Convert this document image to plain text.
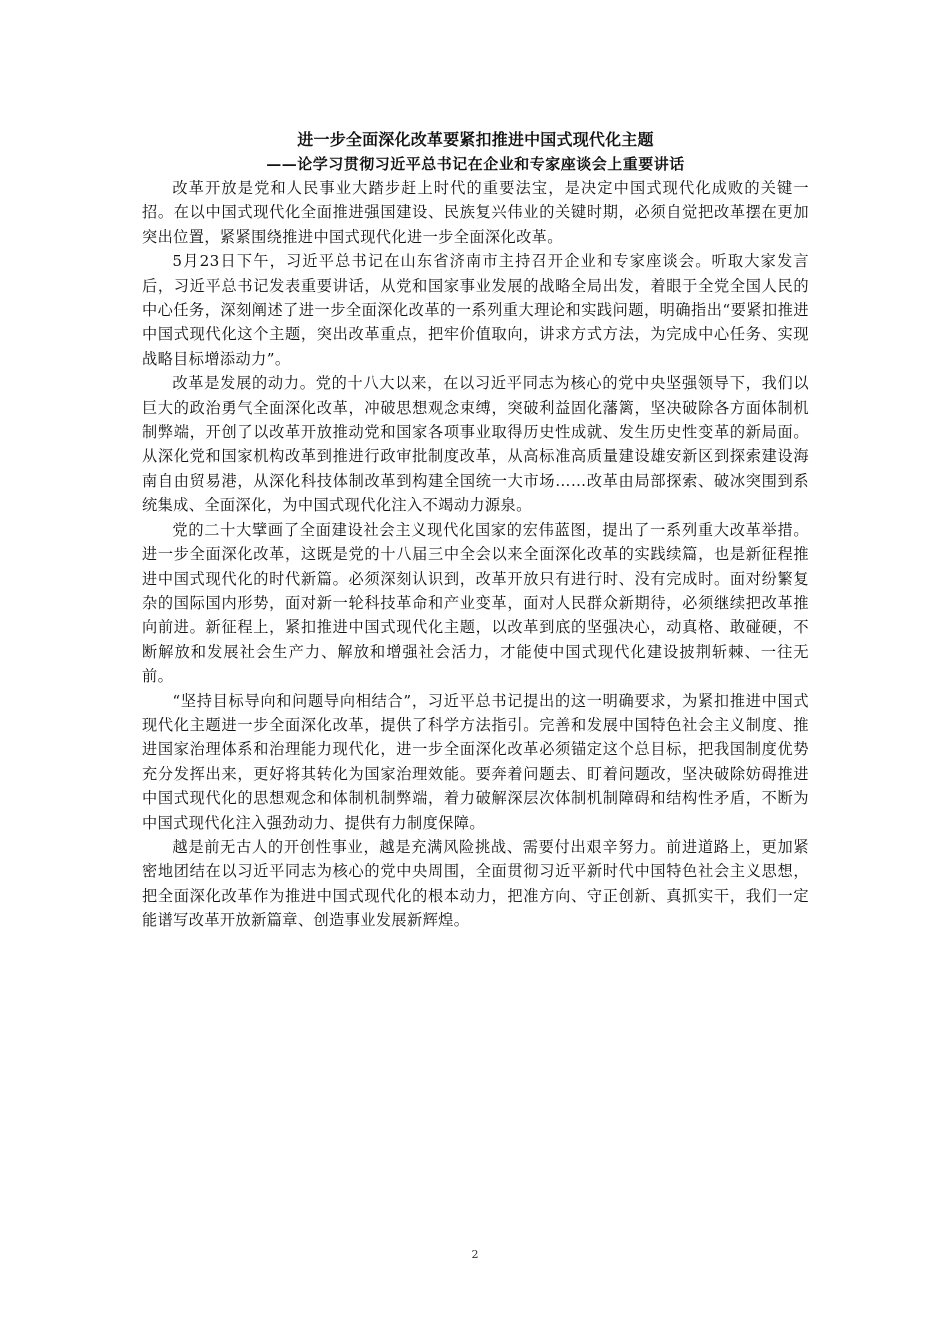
进一步全面深化改革要紧扣推进中国式现代化主题

——论学习贯彻习近平总书记在企业和专家座谈会上重要讲话

改革开放是党和人民事业大踏步赶上时代的重要法宝，是决定中国式现代化成败的关键一招。在以中国式现代化全面推进强国建设、民族复兴伟业的关键时期，必须自觉把改革摆在更加突出位置，紧紧围绕推进中国式现代化进一步全面深化改革。

5月23日下午，习近平总书记在山东省济南市主持召开企业和专家座谈会。听取大家发言后，习近平总书记发表重要讲话，从党和国家事业发展的战略全局出发，着眼于全党全国人民的中心任务，深刻阐述了进一步全面深化改革的一系列重大理论和实践问题，明确指出“要紧扣推进中国式现代化这个主题，突出改革重点，把牢价值取向，讲求方式方法，为完成中心任务、实现战略目标增添动力”。

改革是发展的动力。党的十八大以来，在以习近平同志为核心的党中央坚强领导下，我们以巨大的政治勇气全面深化改革，冲破思想观念束缚，突破利益固化藩篱，坚决破除各方面体制机制弊端，开创了以改革开放推动党和国家各项事业取得历史性成就、发生历史性变革的新局面。从深化党和国家机构改革到推进行政审批制度改革，从高标准高质量建设雄安新区到探索建设海南自由贸易港，从深化科技体制改革到构建全国统一大市场……改革由局部探索、破冰突围到系统集成、全面深化，为中国式现代化注入不竭动力源泉。

党的二十大擘画了全面建设社会主义现代化国家的宏伟蓝图，提出了一系列重大改革举措。进一步全面深化改革，这既是党的十八届三中全会以来全面深化改革的实践续篇，也是新征程推进中国式现代化的时代新篇。必须深刻认识到，改革开放只有进行时、没有完成时。面对纷繁复杂的国际国内形势，面对新一轮科技革命和产业变革，面对人民群众新期待，必须继续把改革推向前进。新征程上，紧扣推进中国式现代化主题，以改革到底的坚强决心，动真格、敢碰硬，不断解放和发展社会生产力、解放和增强社会活力，才能使中国式现代化建设披荆斩棘、一往无前。

“坚持目标导向和问题导向相结合”，习近平总书记提出的这一明确要求，为紧扣推进中国式现代化主题进一步全面深化改革，提供了科学方法指引。完善和发展中国特色社会主义制度、推进国家治理体系和治理能力现代化，进一步全面深化改革必须锚定这个总目标，把我国制度优势充分发挥出来，更好将其转化为国家治理效能。要奔着问题去、盯着问题改，坚决破除妨碍推进中国式现代化的思想观念和体制机制弊端，着力破解深层次体制机制障碍和结构性矛盾，不断为中国式现代化注入强劲动力、提供有力制度保障。

越是前无古人的开创性事业，越是充满风险挑战、需要付出艰辛努力。前进道路上，更加紧密地团结在以习近平同志为核心的党中央周围，全面贯彻习近平新时代中国特色社会主义思想，把全面深化改革作为推进中国式现代化的根本动力，把准方向、守正创新、真抓实干，我们一定能谱写改革开放新篇章、创造事业发展新辉煌。

2
